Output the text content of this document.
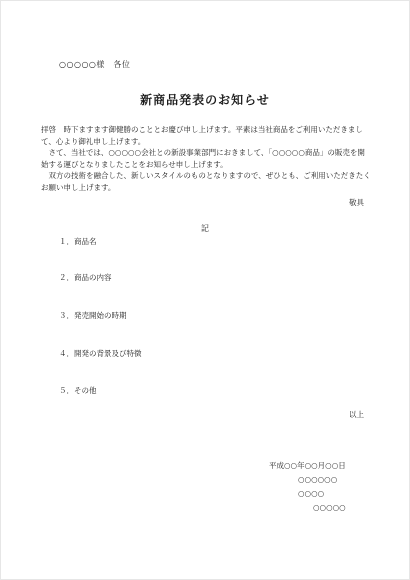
○○○○○様　各位
新商品発表のお知らせ

拝啓　時下ますます御健勝のこととお慶び申し上げます。平素は当社商品をご利用いただきまして、心より御礼申し上げます。

　さて、当社では、○○○○○会社との新設事業部門におきまして、「○○○○○商品」の販売を開始する運びとなりましたことをお知らせ申し上げます。

　双方の技術を融合した、新しいスタイルのものとなりますので、ぜひとも、ご利用いただきたくお願い申し上げます。

敬具
記
１．商品名
２．商品の内容
３．発売開始の時期
４．開発の背景及び特徴
５．その他
以上
平成○○年○○月○○日
○○○○○○
○○○○
○○○○○
